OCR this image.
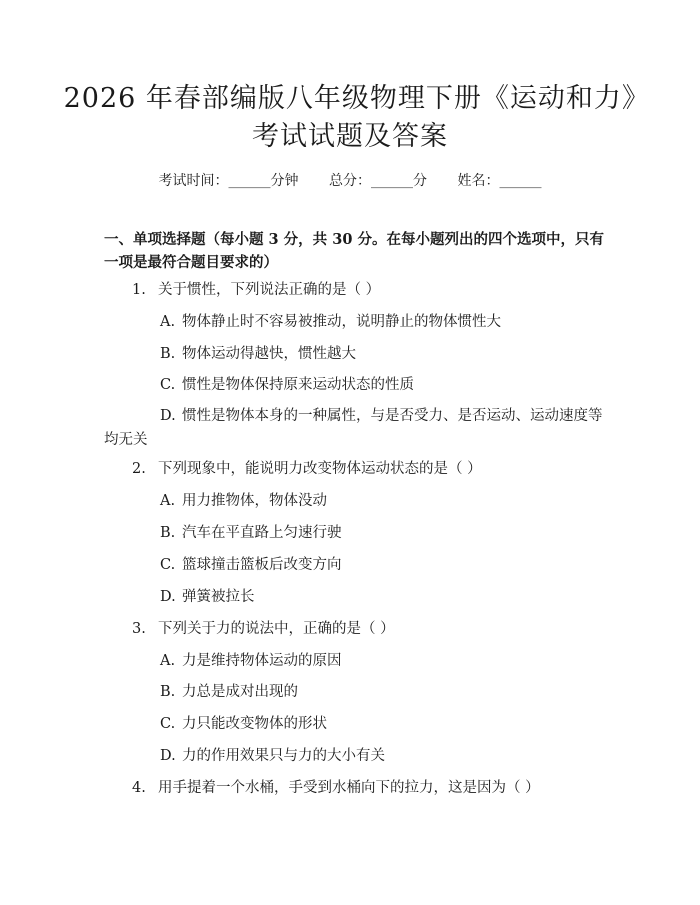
2026 年春部编版八年级物理下册《运动和力》考试试题及答案
考试时间：______分钟 总分：______分 姓名：______

一、单项选择题（每小题 3 分，共 30 分。在每小题列出的四个选项中，只有一项是最符合题目要求的）

1. 关于惯性，下列说法正确的是（ ）
A. 物体静止时不容易被推动，说明静止的物体惯性大
B. 物体运动得越快，惯性越大
C. 惯性是物体保持原来运动状态的性质
D. 惯性是物体本身的一种属性，与是否受力、是否运动、运动速度等均无关
2. 下列现象中，能说明力改变物体运动状态的是（ ）
A. 用力推物体，物体没动
B. 汽车在平直路上匀速行驶
C. 篮球撞击篮板后改变方向
D. 弹簧被拉长
3. 下列关于力的说法中，正确的是（ ）
A. 力是维持物体运动的原因
B. 力总是成对出现的
C. 力只能改变物体的形状
D. 力的作用效果只与力的大小有关
4. 用手提着一个水桶，手受到水桶向下的拉力，这是因为（ ）
